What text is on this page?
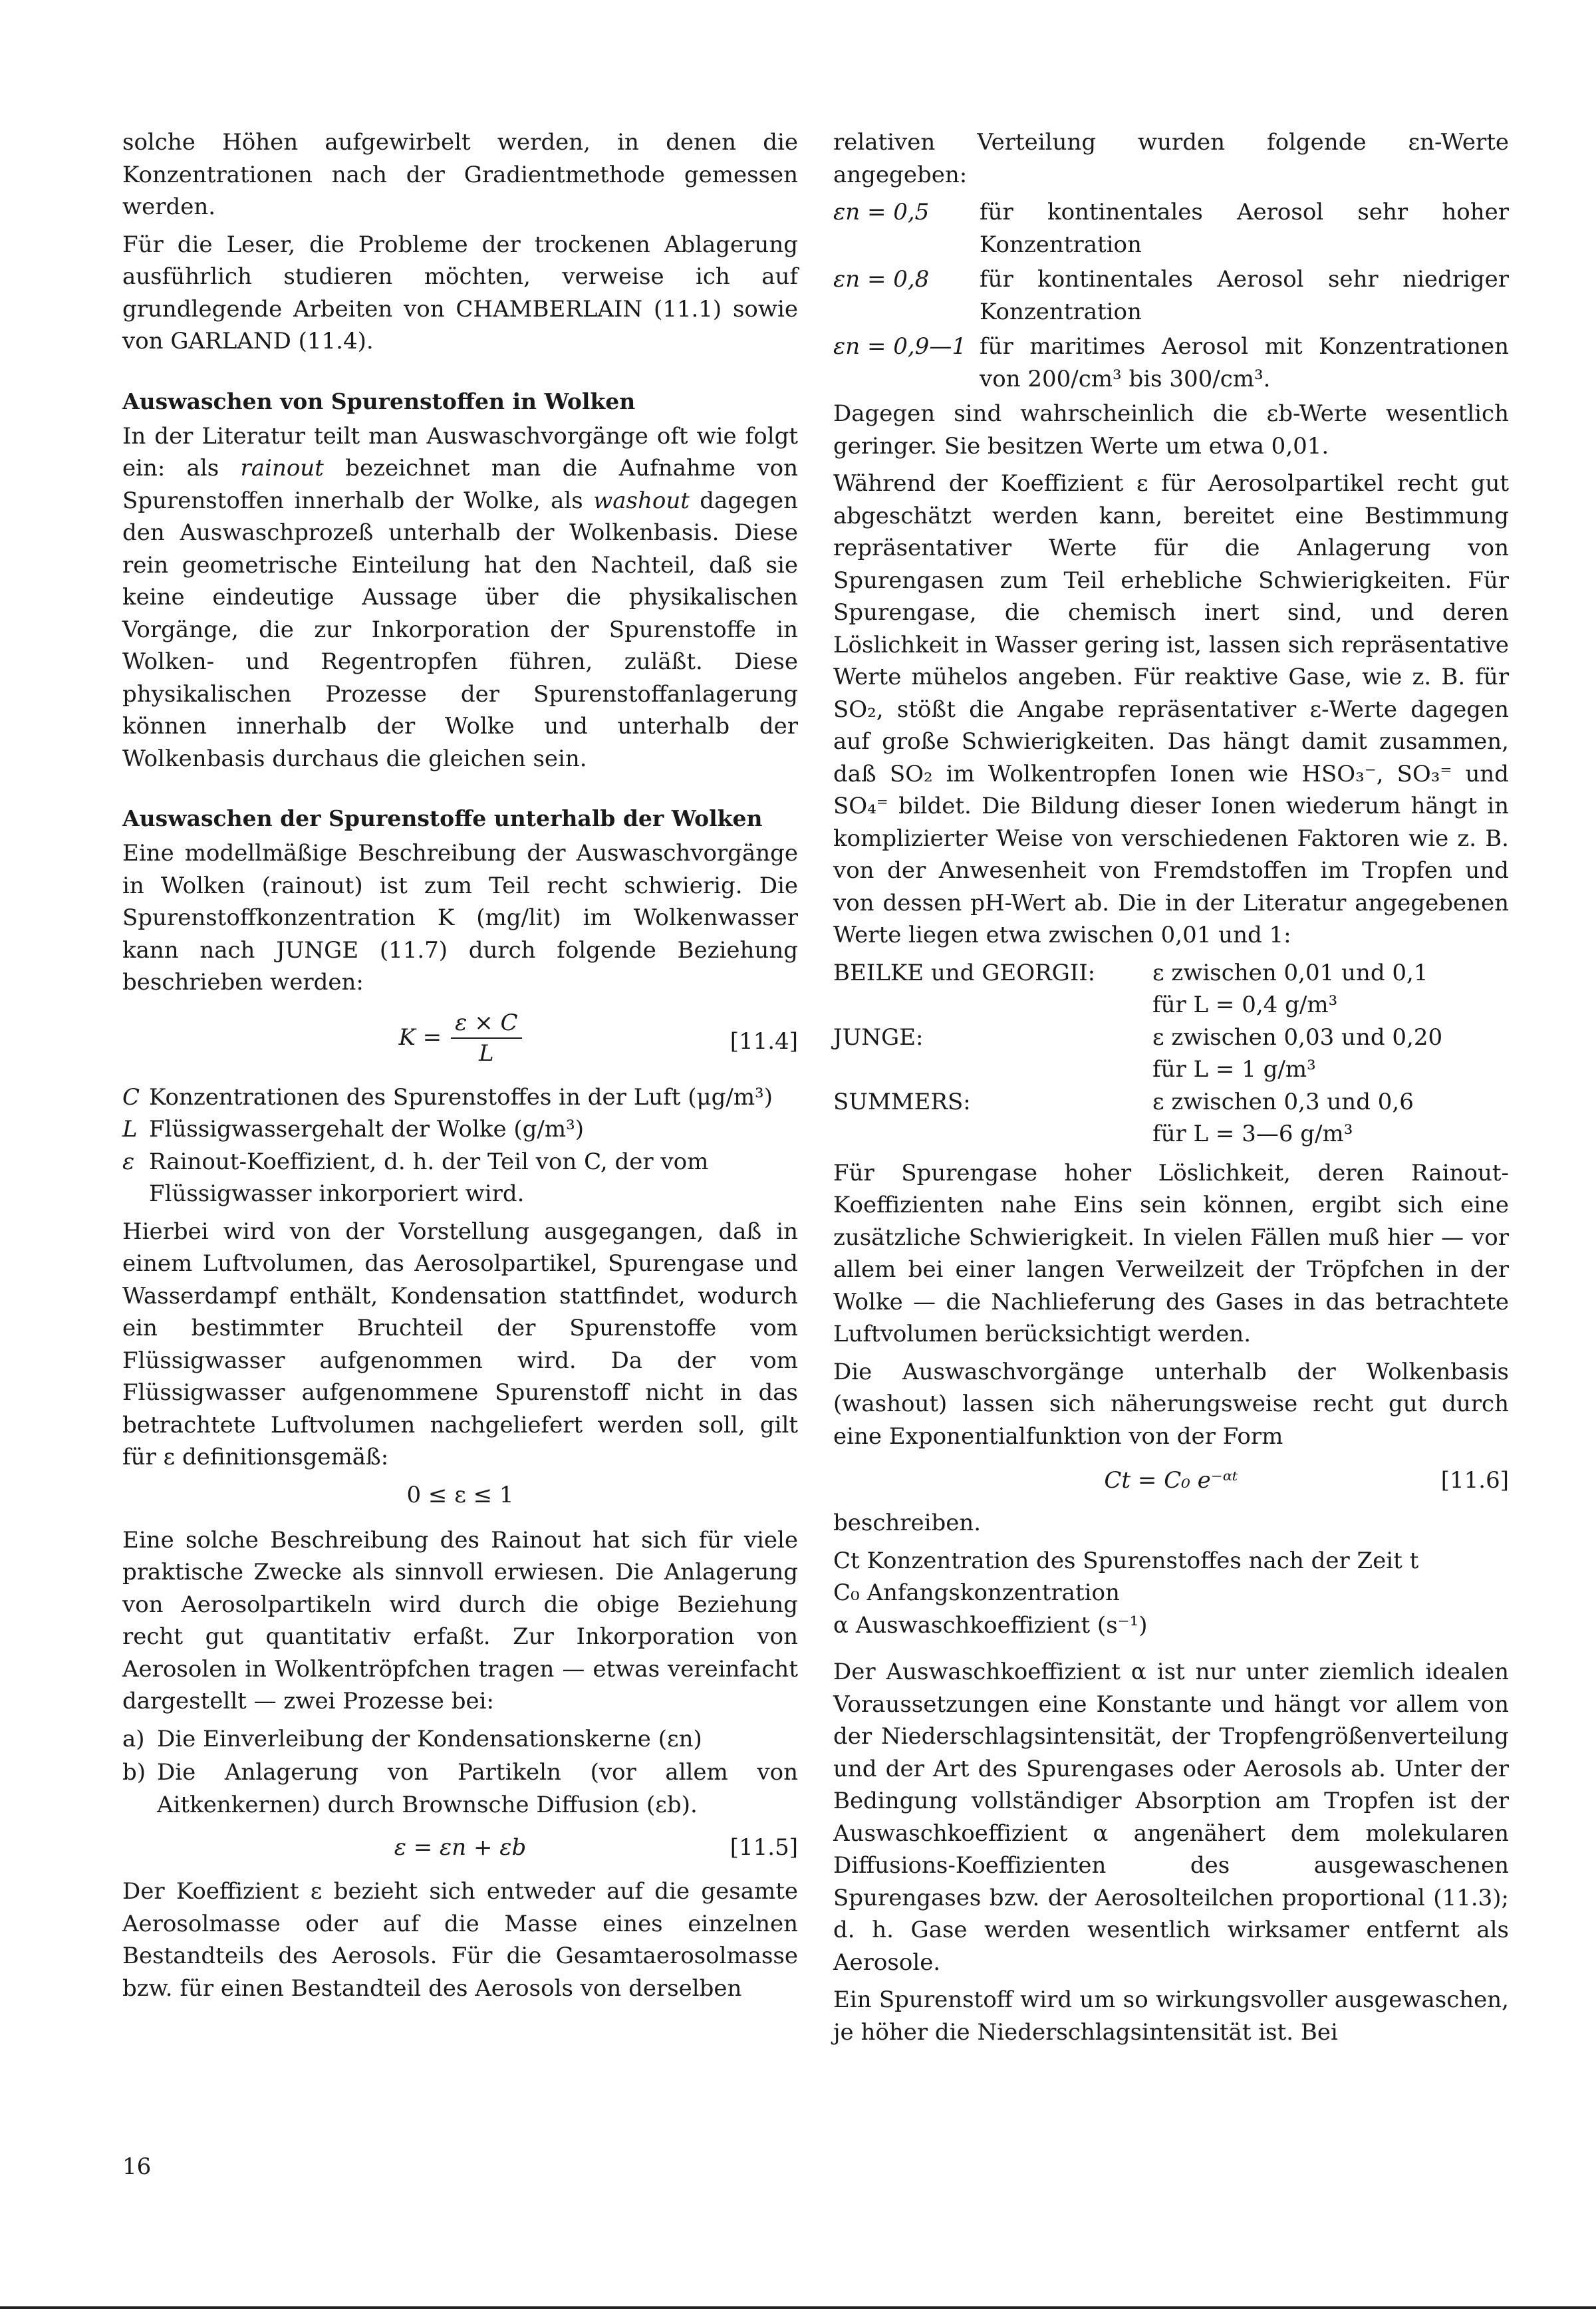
solche Höhen aufgewirbelt werden, in denen die Konzentrationen nach der Gradientmethode gemessen werden.

Für die Leser, die Probleme der trockenen Ablagerung ausführlich studieren möchten, verweise ich auf grundlegende Arbeiten von CHAMBERLAIN (11.1) sowie von GARLAND (11.4).

Auswaschen von Spurenstoffen in Wolken

In der Literatur teilt man Auswaschvorgänge oft wie folgt ein: als rainout bezeichnet man die Aufnahme von Spurenstoffen innerhalb der Wolke, als washout dagegen den Auswaschprozeß unterhalb der Wolkenbasis. Diese rein geometrische Einteilung hat den Nachteil, daß sie keine eindeutige Aussage über die physikalischen Vorgänge, die zur Inkorporation der Spurenstoffe in Wolken- und Regentropfen führen, zuläßt. Diese physikalischen Prozesse der Spurenstoffanlagerung können innerhalb der Wolke und unterhalb der Wolkenbasis durchaus die gleichen sein.

Auswaschen der Spurenstoffe unterhalb der Wolken

Eine modellmäßige Beschreibung der Auswaschvorgänge in Wolken (rainout) ist zum Teil recht schwierig. Die Spurenstoffkonzentration K (mg/lit) im Wolkenwasser kann nach JUNGE (11.7) durch folgende Beziehung beschrieben werden:

$K = \frac{\varepsilon \times C}{L}$	[11.4]
C Konzentrationen des Spurenstoffes in der Luft (μg/m³)
L Flüssigwassergehalt der Wolke (g/m³)
ε Rainout-Koeffizient, d. h. der Teil von C, der vom Flüssigwasser inkorporiert wird.

Hierbei wird von der Vorstellung ausgegangen, daß in einem Luftvolumen, das Aerosolpartikel, Spurengase und Wasserdampf enthält, Kondensation stattfindet, wodurch ein bestimmter Bruchteil der Spurenstoffe vom Flüssigwasser aufgenommen wird. Da der vom Flüssigwasser aufgenommene Spurenstoff nicht in das betrachtete Luftvolumen nachgeliefert werden soll, gilt für ε definitionsgemäß:

0 ≤ ε ≤ 1

Eine solche Beschreibung des Rainout hat sich für viele praktische Zwecke als sinnvoll erwiesen. Die Anlagerung von Aerosolpartikeln wird durch die obige Beziehung recht gut quantitativ erfaßt. Zur Inkorporation von Aerosolen in Wolkentröpfchen tragen — etwas vereinfacht dargestellt — zwei Prozesse bei:

a) Die Einverleibung der Kondensationskerne (εn)
b) Die Anlagerung von Partikeln (vor allem von Aitkenkernen) durch Brownsche Diffusion (εb).
ε = εn + εb	[11.5]

Der Koeffizient ε bezieht sich entweder auf die gesamte Aerosolmasse oder auf die Masse eines einzelnen Bestandteils des Aerosols. Für die Gesamtaerosolmasse bzw. für einen Bestandteil des Aerosols von derselben

relativen Verteilung wurden folgende εn-Werte angegeben:

εn = 0,5	für kontinentales Aerosol sehr hoher Konzentration
εn = 0,8	für kontinentales Aerosol sehr niedriger Konzentration
εn = 0,9—1 für maritimes Aerosol mit Konzentrationen von 200/cm³ bis 300/cm³.

Dagegen sind wahrscheinlich die εb-Werte wesentlich geringer. Sie besitzen Werte um etwa 0,01.

Während der Koeffizient ε für Aerosolpartikel recht gut abgeschätzt werden kann, bereitet eine Bestimmung repräsentativer Werte für die Anlagerung von Spurengasen zum Teil erhebliche Schwierigkeiten. Für Spurengase, die chemisch inert sind, und deren Löslichkeit in Wasser gering ist, lassen sich repräsentative Werte mühelos angeben. Für reaktive Gase, wie z. B. für SO₂, stößt die Angabe repräsentativer ε-Werte dagegen auf große Schwierigkeiten. Das hängt damit zusammen, daß SO₂ im Wolkentropfen Ionen wie HSO₃⁻, SO₃⁼ und SO₄⁼ bildet. Die Bildung dieser Ionen wiederum hängt in komplizierter Weise von verschiedenen Faktoren wie z. B. von der Anwesenheit von Fremdstoffen im Tropfen und von dessen pH-Wert ab. Die in der Literatur angegebenen Werte liegen etwa zwischen 0,01 und 1:

BEILKE und GEORGII:	ε zwischen 0,01 und 0,1
für L = 0,4 g/m³
JUNGE:	ε zwischen 0,03 und 0,20
für L = 1 g/m³
SUMMERS:	ε zwischen 0,3 und 0,6
für L = 3—6 g/m³

Für Spurengase hoher Löslichkeit, deren Rainout-Koeffizienten nahe Eins sein können, ergibt sich eine zusätzliche Schwierigkeit. In vielen Fällen muß hier — vor allem bei einer langen Verweilzeit der Tröpfchen in der Wolke — die Nachlieferung des Gases in das betrachtete Luftvolumen berücksichtigt werden.

Die Auswaschvorgänge unterhalb der Wolkenbasis (washout) lassen sich näherungsweise recht gut durch eine Exponentialfunktion von der Form

Ct = C₀ e⁻ᵅᵗ	[11.6]

beschreiben.

Ct Konzentration des Spurenstoffes nach der Zeit t
C₀ Anfangskonzentration
α Auswaschkoeffizient (s⁻¹)

Der Auswaschkoeffizient α ist nur unter ziemlich idealen Voraussetzungen eine Konstante und hängt vor allem von der Niederschlagsintensität, der Tropfengrößenverteilung und der Art des Spurengases oder Aerosols ab. Unter der Bedingung vollständiger Absorption am Tropfen ist der Auswaschkoeffizient α angenähert dem molekularen Diffusions-Koeffizienten des ausgewaschenen Spurengases bzw. der Aerosolteilchen proportional (11.3); d. h. Gase werden wesentlich wirksamer entfernt als Aerosole.

Ein Spurenstoff wird um so wirkungsvoller ausgewaschen, je höher die Niederschlagsintensität ist. Bei

16
